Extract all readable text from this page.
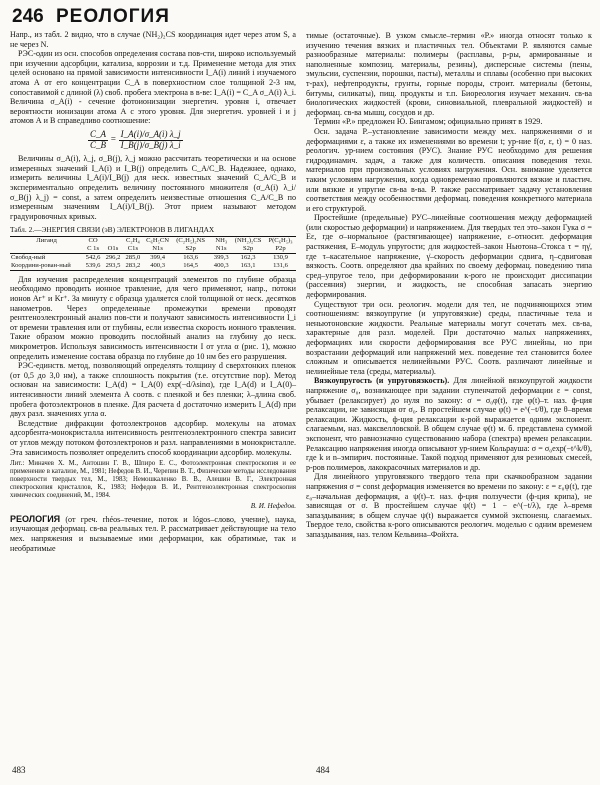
246 РЕОЛОГИЯ

Напр., из табл. 2 видно, что в случае (NH₂)₂CS координация идет через атом S, а не через N.

РЭС-один из осн. способов определения состава пов-сти, широко используемый при изучении адсорбции, катализа, коррозии и т.д. Применение метода для этих целей основано на прямой зависимости интенсивности I_A(i) линий i изучаемого атома А от его концентрации C_A в поверхностном слое толщиной 2-3 нм, сопоставимой с длиной (λ) своб. пробега электрона в в-ве: I_A(i) = C_A σ_A(i) λ_i. Величина σ_A(i) - сечение фотоионизации энергетич. уровня i, отвечает вероятности ионизации атома А с этого уровня. Для энергетич. уровней i и j атомов А и В справедливо соотношение:

$\frac{C\_A}{C\_B} = \frac{I\_A(i)/\sigma\_A(i) \lambda\_j}{I\_B(j)/\sigma\_B(j) \lambda\_i}$

Величины σ_A(i), λ_j, σ_B(j), λ_j можно рассчитать теоретически и на основе измеренных значений I_A(i) и I_B(j) определить C_A/C_B. Надежнее, однако, измерить величины I_A(i)/I_B(j) для неск. известных значений C_A/C_B и экспериментально определить величину постоянного множителя (σ_A(i) λ_i/σ_B(j) λ_j) = const, а затем определить неизвестные отношения C_A/C_B по измеренным значениям I_A(i)/I_B(j). Этот прием называют методом градуировочных кривых.

Табл. 2.—ЭНЕРГИЯ СВЯЗИ (эВ) ЭЛЕКТРОНОВ В ЛИГАНДАХ
Лиганд	CO		C₂H₄	C₆H₅CN	(C₂H₅)₂NS		NH₃	(NH₂)₂CS	P(C₆H₅)₃
	C 1s	O1s	C1s	N1s	S2p		N1s	S2p	P2p
Свобод-ный	542,6	296,2	285,0	399,4	163,6		399,3	162,3	130,9
Координи-рован-ный	539,6	293,5	283,2	400,3	164,5		400,3	163,1	131,6

Для изучения распределения концентраций элементов по глубине образца необходимо проводить ионное травление, для чего применяют, напр., потоки ионов Ar⁺ и Kr⁺. За минуту с образца удаляется слой толщиной от неск. десятков нанометров. Через определенные промежутки времени проводят рентгеноэлектронный анализ пов-сти и получают зависимость интенсивности I_i от времени травления или от глубины, если известна скорость ионного травления. Такие образом можно проводить послойный анализ на глубину до неск. микрометров. Используя зависимость интенсивности I от угла α (рис. 1), можно определить изменение состава образца по глубине до 10 нм без его разрушения.

РЭС-единств. метод, позволяющий определять толщину d сверхтонких пленок (от 0,5 до 3,0 нм), а также сплошность покрытия (т.е. отсутствие пор). Метод основан на зависимости: I_A(d) = I_A(0) exp(−d/λsinα), где I_A(d) и I_A(0)–интенсивности линий элемента А соотв. с пленкой и без пленки; λ–длина своб. пробега фотоэлектронов в пленке. Для расчета d достаточно измерить I_A(d) при двух разл. значениях угла α.

Вследствие дифракции фотоэлектронов адсорбир. молекулы на атомах адсорбента-монокристалла интенсивность рентгеноэлектронного спектра зависит от углов между потоком фотоэлектронов и разл. направлениями в монокристалле. Эта зависимость позволяет определить способ координации адсорбир. молекулы.

Лит.: Миначев Х. М., Антошин Г. В., Шпиро Е. С., Фотоэлектронная спектроскопия и ее применение в катализе, М., 1981; Нефедов В. И., Черепин В. Т., Физические методы исследования поверхности твердых тел, М., 1983; Немошкаленко В. В., Алешин В. Г., Электронная спектроскопия кристаллов, К., 1983; Нефедов В. И., Рентгеноэлектронная спектроскопия химических соединений, М., 1984.
В. И. Нефедов.

РЕОЛОГИЯ (от греч. rhéos–течение, поток и lógos–слово, учение), наука, изучающая деформац. св-ва реальных тел. Р. рассматривает действующие на тело мех. напряжения и вызываемые ими деформации, как обратимые, так и необратимые

тимые (остаточные). В узком смысле–термин «Р.» иногда относят только к изучению течения вязких и пластичных тел. Объектами Р. являются самые разнообразные материалы: полимеры (расплавы, р-ры, армированные и наполненные композиц. материалы, резины), дисперсные системы (пены, эмульсии, суспензии, порошки, пасты), металлы и сплавы (особенно при высоких т-рах), нефтепродукты, грунты, горные породы, строит. материалы (бетоны, битумы, силикаты), пищ. продукты и т.п. Биореология изучает механич. св-ва биологических жидкостей (крови, синовиальной, плевральной жидкостей) и деформац. св-ва мышц, сосудов и др.

Термин «Р.» предложен Ю. Бингамом; официально принят в 1929.

Осн. задача Р.–установление зависимости между мех. напряжениями σ и деформациями ε, а также их изменениями во времени t; ур-ние f(σ, ε, t) = 0 наз. реологич. ур-нием состояния (РУС). Знание РУС необходимо для решения гидродинамич. задач, а также для количеств. описания поведения техн. материалов при произвольных условиях нагружения. Осн. внимание уделяется таким условиям нагружения, когда одновременно проявляются вязкие и пластич. или вязкие и упругие св-ва в-ва. Р. также рассматривает задачу установления соответствия между особенностями деформац. поведения конкретного материала и его структурой.

Простейшие (предельные) РУС–линейные соотношения между деформацией (или скоростью деформации) и напряжением. Для твердых тел это–закон Гука σ = Eε, где σ–нормальное (растягивающее) напряжение, ε–относит. деформация растяжения, E–модуль упругости; для жидкостей–закон Ньютона–Стокса τ = ηγ̇, где τ–касательное напряжение, γ̇–скорость деформации сдвига, η–сдвиговая вязкость. Соотв. определяют два крайних по своему деформац. поведению типа сред–упругое тело, при деформировании к-рого не происходит диссипации (рассеяния) энергии, и жидкость, не способная запасать энергию деформирования.

Существуют три осн. реологич. модели для тел, не подчиняющихся этим соотношениям: вязкоупругие (и упруговязкие) среды, пластичные тела и неньютоновские жидкости. Реальные материалы могут сочетать мех. св-ва, характерные для разл. моделей. При достаточно малых напряжениях, деформациях или скорости деформирования все РУС линейны, но при возрастании деформаций или напряжений мех. поведение тел становится более сложным и описывается нелинейными РУС. Соотв. различают линейные и нелинейные тела (среды, материалы).

Вязкоупругость (и упруговязкость). Для линейной вязкоупругой жидкости напряжение σ₀, возникающее при задании ступенчатой деформации ε = const, убывает (релаксирует) до нуля по закону: σ = σ₀φ(t), где φ(t)–т. наз. ф-ция релаксации, не зависящая от σ₀. В простейшем случае φ(t) = e^(−t/θ), где θ–время релаксации. Жидкость, ф-ция релаксации к-рой выражается одним экспонент. слагаемым, наз. максвелловской. В общем случае φ(t) м. б. представлена суммой экспонент, что равнозначно существованию набора (спектра) времен релаксации. Релаксацию напряжения иногда описывают ур-нием Кольрауша: σ = σ₀exp(−t^k/θ), где k и n–эмпирич. постоянные. Такой подход применяют для резиновых смесей, р-ров полимеров, лакокрасочных материалов и др.

Для линейного упруговязкого твердого тела при скачкообразном задании напряжения σ = const деформация изменяется во времени по закону: ε = ε₀ψ(t), где ε₀–начальная деформация, а ψ(t)–т. наз. ф-ция ползучести (ф-ция крипа), не зависящая от σ. В простейшем случае ψ(t) = 1 − e^(−t/λ), где λ–время запаздывания; в общем случае ψ(t) выражается суммой экспоненц. слагаемых. Твердое тело, свойства к-рого описываются реологич. моделью с одним временем запаздывания, наз. телом Кельвина–Фойхта.

483	484
